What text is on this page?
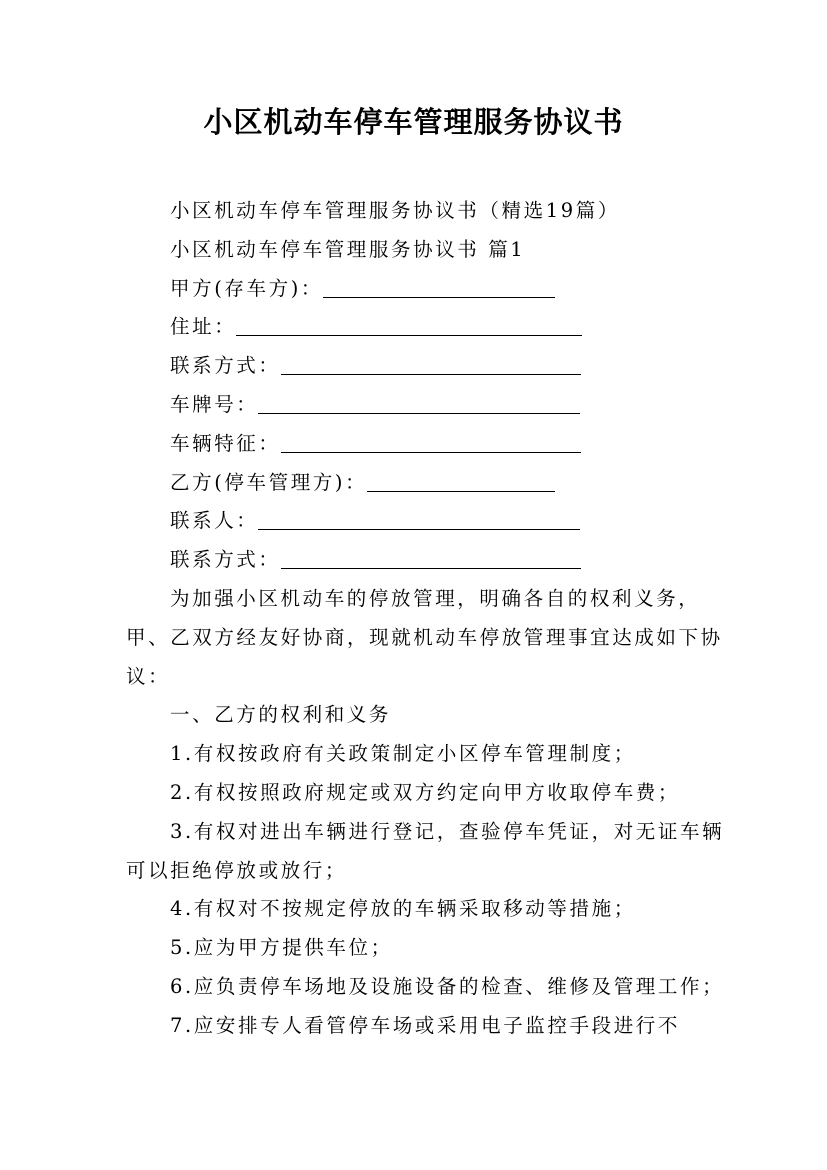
小区机动车停车管理服务协议书

小区机动车停车管理服务协议书（精选19篇）

小区机动车停车管理服务协议书 篇1

甲方(存车方)：

住址：

联系方式：

车牌号：

车辆特征：

乙方(停车管理方)：

联系人：

联系方式：

为加强小区机动车的停放管理，明确各自的权利义务，甲、乙双方经友好协商，现就机动车停放管理事宜达成如下协议：

一、乙方的权利和义务

1.有权按政府有关政策制定小区停车管理制度；

2.有权按照政府规定或双方约定向甲方收取停车费；

3.有权对进出车辆进行登记，查验停车凭证，对无证车辆可以拒绝停放或放行；

4.有权对不按规定停放的车辆采取移动等措施；

5.应为甲方提供车位；

6.应负责停车场地及设施设备的检查、维修及管理工作；

7.应安排专人看管停车场或采用电子监控手段进行不
